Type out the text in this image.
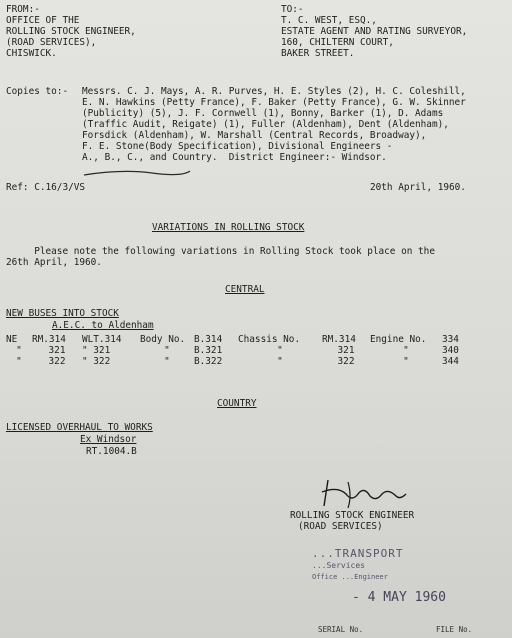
FROM:-
OFFICE OF THE
ROLLING STOCK ENGINEER,
(ROAD SERVICES),
CHISWICK.
TO:-
T. C. WEST, ESQ.,
ESTATE AGENT AND RATING SURVEYOR,
160, CHILTERN COURT,
BAKER STREET.
Copies to:- Messrs. C. J. Mays, A. R. Purves, H. E. Styles (2), H. C. Coleshill,
E. N. Hawkins (Petty France), F. Baker (Petty France), G. W. Skinner
(Publicity) (5), J. F. Cornwell (1), Bonny, Barker (1), D. Adams
(Traffic Audit, Reigate) (1), Fuller (Aldenham), Dent (Aldenham),
Forsdick (Aldenham), W. Marshall (Central Records, Broadway),
F. E. Stone(Body Specification), Divisional Engineers -
A., B., C., and Country.  District Engineer:- Windsor.
Ref: C.16/3/VS	20th April, 1960.
VARIATIONS IN ROLLING STOCK
Please note the following variations in Rolling Stock took place on the
26th April, 1960.
CENTRAL
NEW BUSES INTO STOCK
A.E.C. to Aldenham
NE	RM.314	WLT.314	Body No.	B.314	Chassis No.	RM.314	Engine No.	334
"	321	" 321	"	B.321	"	321	"	340
"	322	" 322	"	B.322	"	322	"	344
COUNTRY
LICENSED OVERHAUL TO WORKS
Ex Windsor
RT.1004.B
ROLLING STOCK ENGINEER
(ROAD SERVICES)
...TRANSPORT
...Services
Office ...Engineer
- 4 MAY 1960
SERIAL No.	FILE No.
